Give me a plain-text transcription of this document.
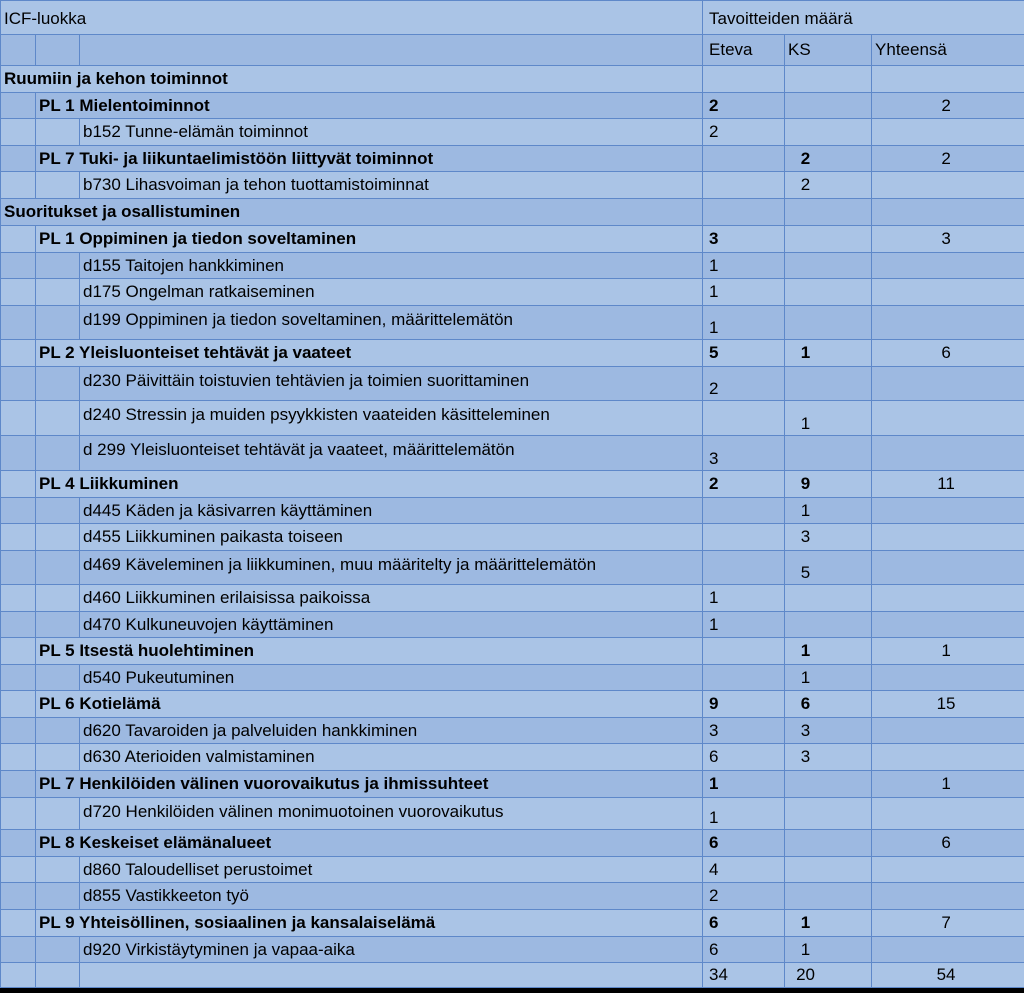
ICF-luokka			Tavoitteiden määrä		
			Eteva	KS	Yhteensä
Ruumiin ja kehon toiminnot					
	PL 1 Mielentoiminnot		2		2
		b152 Tunne-elämän toiminnot	2		
	PL 7 Tuki- ja liikuntaelimistöön liittyvät toiminnot			2	2
		b730 Lihasvoiman ja tehon tuottamistoiminnat		2	
Suoritukset ja osallistuminen					
	PL 1 Oppiminen ja tiedon soveltaminen		3		3
		d155 Taitojen hankkiminen	1		
		d175 Ongelman ratkaiseminen	1		
		d199 Oppiminen ja tiedon soveltaminen, määrittelemätön	1		
	PL 2 Yleisluonteiset tehtävät ja vaateet		5	1	6
		d230 Päivittäin toistuvien tehtävien ja toimien suorittaminen	2		
		d240 Stressin ja muiden psyykkisten vaateiden käsitteleminen		1	
		d 299 Yleisluonteiset tehtävät ja vaateet, määrittelemätön	3		
	PL 4 Liikkuminen		2	9	11
		d445 Käden ja käsivarren käyttäminen		1	
		d455 Liikkuminen paikasta toiseen		3	
		d469 Käveleminen ja liikkuminen, muu määritelty ja määrittelemätön		5	
		d460 Liikkuminen erilaisissa paikoissa	1		
		d470 Kulkuneuvojen käyttäminen	1		
	PL 5 Itsestä huolehtiminen			1	1
		d540 Pukeutuminen		1	
	PL 6 Kotielämä		9	6	15
		d620 Tavaroiden ja palveluiden hankkiminen	3	3	
		d630 Aterioiden valmistaminen	6	3	
	PL 7 Henkilöiden välinen vuorovaikutus ja ihmissuhteet		1		1
		d720 Henkilöiden välinen monimuotoinen vuorovaikutus	1		
	PL 8 Keskeiset elämänalueet		6		6
		d860 Taloudelliset perustoimet	4		
		d855 Vastikkeeton työ	2		
	PL 9 Yhteisöllinen, sosiaalinen ja kansalaiselämä		6	1	7
		d920 Virkistäytyminen ja vapaa-aika	6	1	
			34	20	54
